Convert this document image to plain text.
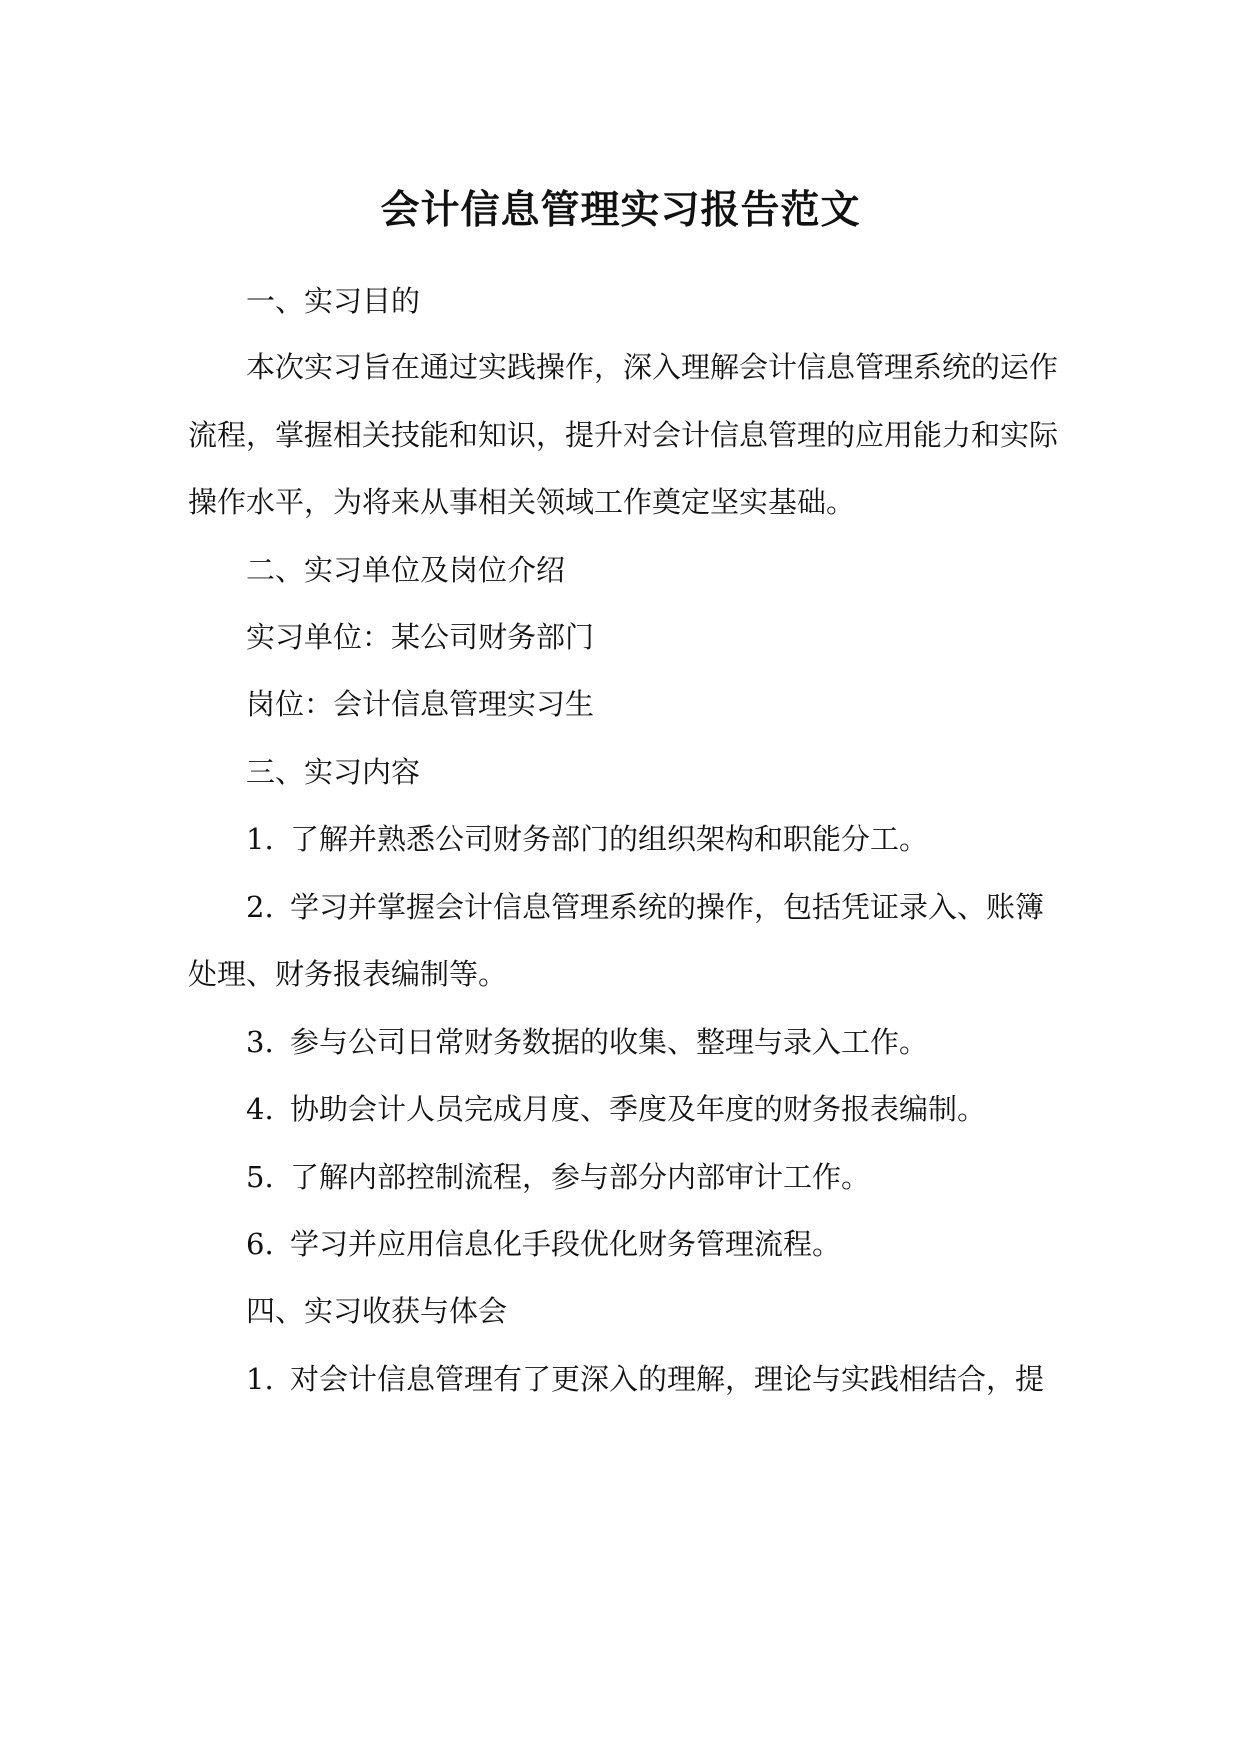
会计信息管理实习报告范文
一、实习目的
本次实习旨在通过实践操作，深入理解会计信息管理系统的运作
流程，掌握相关技能和知识，提升对会计信息管理的应用能力和实际
操作水平，为将来从事相关领域工作奠定坚实基础。
二、实习单位及岗位介绍
实习单位：某公司财务部门
岗位：会计信息管理实习生
三、实习内容
1. 了解并熟悉公司财务部门的组织架构和职能分工。
2. 学习并掌握会计信息管理系统的操作，包括凭证录入、账簿
处理、财务报表编制等。
3. 参与公司日常财务数据的收集、整理与录入工作。
4. 协助会计人员完成月度、季度及年度的财务报表编制。
5. 了解内部控制流程，参与部分内部审计工作。
6. 学习并应用信息化手段优化财务管理流程。
四、实习收获与体会
1. 对会计信息管理有了更深入的理解，理论与实践相结合，提
